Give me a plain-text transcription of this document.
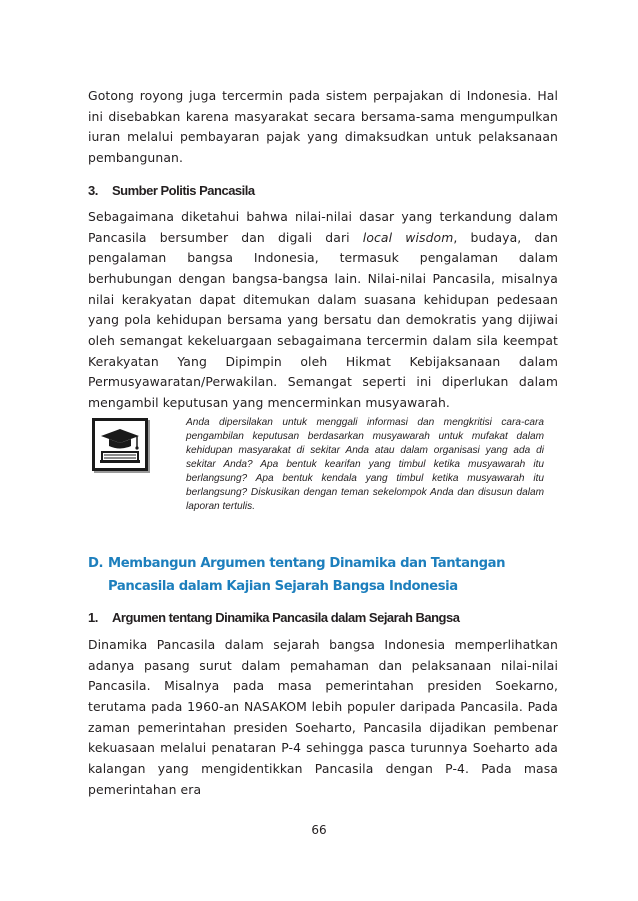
Gotong royong juga tercermin pada sistem perpajakan di Indonesia. Hal ini disebabkan karena masyarakat secara bersama-sama mengumpulkan iuran melalui pembayaran pajak yang dimaksudkan untuk pelaksanaan pembangunan.

3. Sumber Politis Pancasila

Sebagaimana diketahui bahwa nilai-nilai dasar yang terkandung dalam Pancasila bersumber dan digali dari local wisdom, budaya, dan pengalaman bangsa Indonesia, termasuk pengalaman dalam berhubungan dengan bangsa-bangsa lain. Nilai-nilai Pancasila, misalnya nilai kerakyatan dapat ditemukan dalam suasana kehidupan pedesaan yang pola kehidupan bersama yang bersatu dan demokratis yang dijiwai oleh semangat kekeluargaan sebagaimana tercermin dalam sila keempat Kerakyatan Yang Dipimpin oleh Hikmat Kebijaksanaan dalam Permusyawaratan/Perwakilan. Semangat seperti ini diperlukan dalam mengambil keputusan yang mencerminkan musyawarah.

Anda dipersilakan untuk menggali informasi dan mengkritisi cara-cara pengambilan keputusan berdasarkan musyawarah untuk mufakat dalam kehidupan masyarakat di sekitar Anda atau dalam organisasi yang ada di sekitar Anda? Apa bentuk kearifan yang timbul ketika musyawarah itu berlangsung? Apa bentuk kendala yang timbul ketika musyawarah itu berlangsung? Diskusikan dengan teman sekelompok Anda dan disusun dalam laporan tertulis.

D. Membangun Argumen tentang Dinamika dan Tantangan
Pancasila dalam Kajian Sejarah Bangsa Indonesia

1. Argumen tentang Dinamika Pancasila dalam Sejarah Bangsa

Dinamika Pancasila dalam sejarah bangsa Indonesia memperlihatkan adanya pasang surut dalam pemahaman dan pelaksanaan nilai-nilai Pancasila. Misalnya pada masa pemerintahan presiden Soekarno, terutama pada 1960-an NASAKOM lebih populer daripada Pancasila. Pada zaman pemerintahan presiden Soeharto, Pancasila dijadikan pembenar kekuasaan melalui penataran P-4 sehingga pasca turunnya Soeharto ada kalangan yang mengidentikkan Pancasila dengan P-4. Pada masa pemerintahan era

66
